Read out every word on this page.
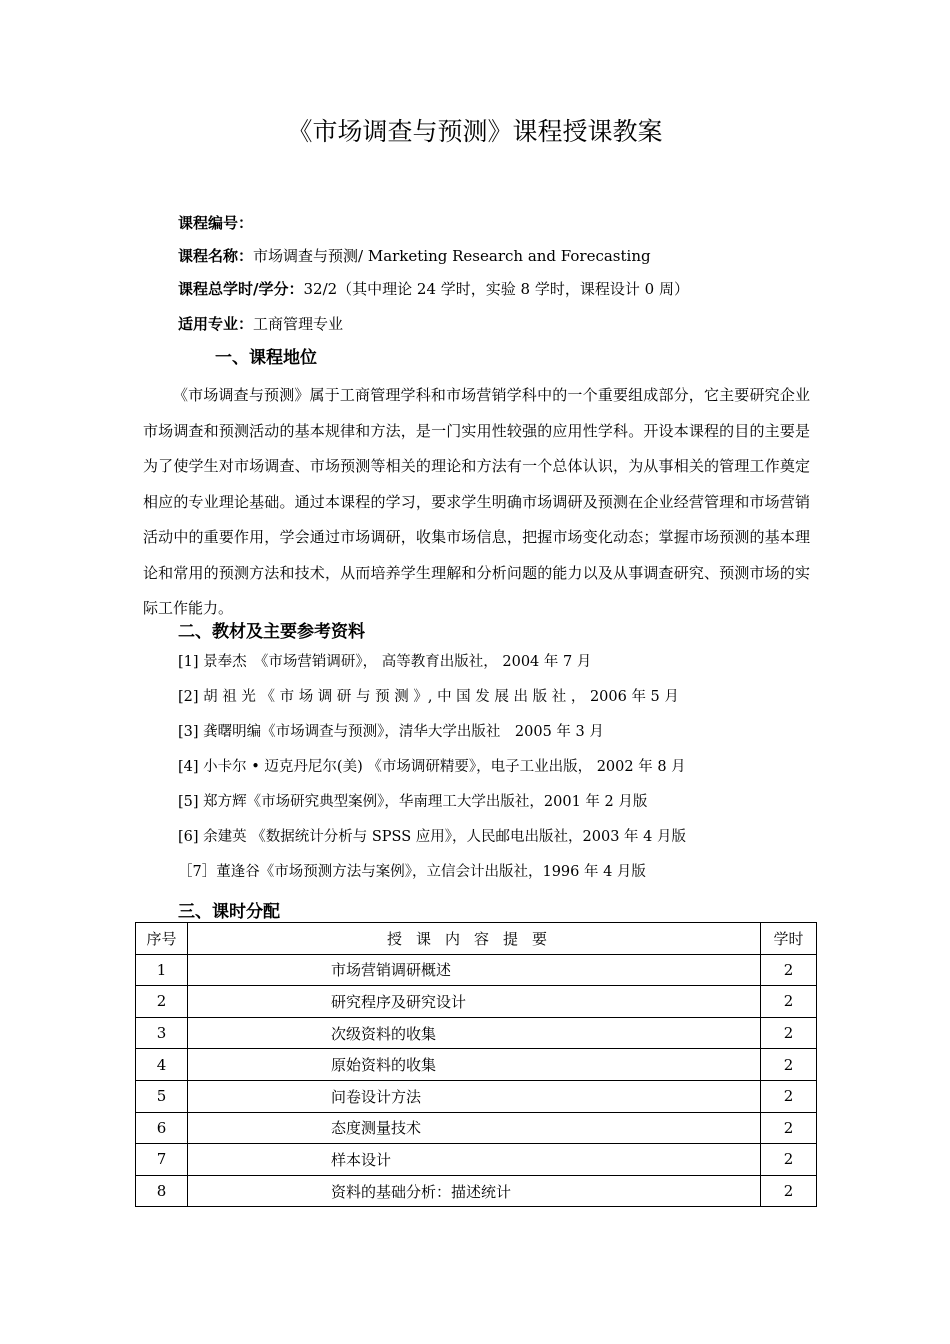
《市场调查与预测》课程授课教案
课程编号：
课程名称：市场调查与预测/ Marketing Research and Forecasting
课程总学时/学分：32/2（其中理论 24 学时，实验 8 学时，课程设计 0 周）
适用专业：工商管理专业
一、课程地位

《市场调查与预测》属于工商管理学科和市场营销学科中的一个重要组成部分，它主要研究企业市场调查和预测活动的基本规律和方法，是一门实用性较强的应用性学科。开设本课程的目的主要是为了使学生对市场调查、市场预测等相关的理论和方法有一个总体认识，为从事相关的管理工作奠定相应的专业理论基础。通过本课程的学习，要求学生明确市场调研及预测在企业经营管理和市场营销活动中的重要作用，学会通过市场调研，收集市场信息，把握市场变化动态；掌握市场预测的基本理论和常用的预测方法和技术，从而培养学生理解和分析问题的能力以及从事调查研究、预测市场的实际工作能力。

二、教材及主要参考资料
[1] 景奉杰　《市场营销调研》， 高等教育出版社， 2004 年 7 月
[2] 胡 祖 光 《 市 场 调 研 与 预 测 》, 中 国 发 展 出 版 社 ， 2006 年 5 月
[3] 龚曙明编《市场调查与预测》，清华大学出版社　2005 年 3 月
[4] 小卡尔 • 迈克丹尼尔(美) 《市场调研精要》，电子工业出版， 2002 年 8 月
[5] 郑方辉《市场研究典型案例》，华南理工大学出版社，2001 年 2 月版
[6] 余建英 《数据统计分析与 SPSS 应用》，人民邮电出版社，2003 年 4 月版
［7］董逢谷《市场预测方法与案例》，立信会计出版社，1996 年 4 月版
三、课时分配
序号	授课内容提要	学时
1	市场营销调研概述	2
2	研究程序及研究设计	2
3	次级资料的收集	2
4	原始资料的收集	2
5	问卷设计方法	2
6	态度测量技术	2
7	样本设计	2
8	资料的基础分析：描述统计	2
